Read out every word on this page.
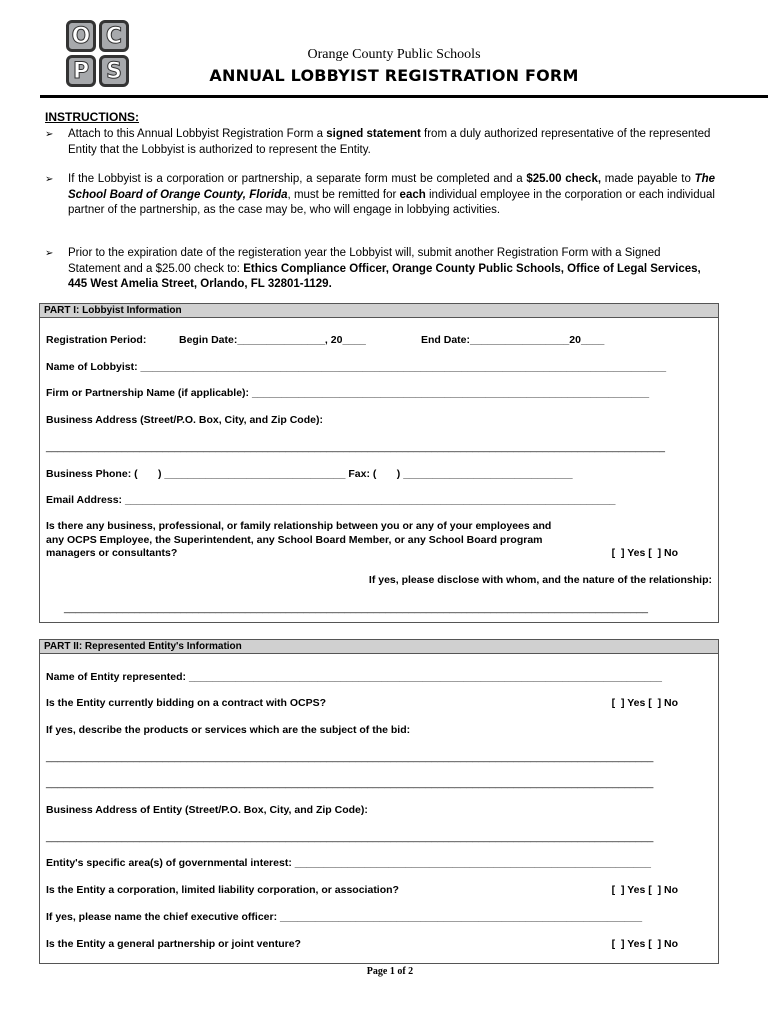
O C
P S
Orange County Public Schools
ANNUAL LOBBYIST REGISTRATION FORM
INSTRUCTIONS:
➢ Attach to this Annual Lobbyist Registration Form a signed statement from a duly authorized representative of the represented Entity that the Lobbyist is authorized to represent the Entity.
➢ If the Lobbyist is a corporation or partnership, a separate form must be completed and a $25.00 check, made payable to The School Board of Orange County, Florida, must be remitted for each individual employee in the corporation or each individual partner of the partnership, as the case may be, who will engage in lobbying activities.
➢ Prior to the expiration date of the registeration year the Lobbyist will, submit another Registration Form with a Signed Statement and a $25.00 check to: Ethics Compliance Officer, Orange County Public Schools, Office of Legal Services, 445 West Amelia Street, Orlando, FL 32801-1129.
PART I: Lobbyist Information
Registration Period:	Begin Date:_______________, 20____	End Date:_________________20____
Name of Lobbyist: __________________________________________________________________________________________
Firm or Partnership Name (if applicable): ____________________________________________________________________
Business Address (Street/P.O. Box, City, and Zip Code):
__________________________________________________________________________________________________________
Business Phone: (       ) _______________________________ Fax: (       ) _____________________________
Email Address: ____________________________________________________________________________________
Is there any business, professional, or family relationship between you or any of your employees and
any OCPS Employee, the Superintendent, any School Board Member, or any School Board program
managers or consultants?	[  ] Yes [  ] No
If yes, please disclose with whom, and the nature of the relationship:
____________________________________________________________________________________________________
PART II: Represented Entity's Information
Name of Entity represented: _________________________________________________________________________________
Is the Entity currently bidding on a contract with OCPS?	[  ] Yes [  ] No
If yes, describe the products or services which are the subject of the bid:
________________________________________________________________________________________________________
________________________________________________________________________________________________________
Business Address of Entity (Street/P.O. Box, City, and Zip Code):
________________________________________________________________________________________________________
Entity's specific area(s) of governmental interest: _____________________________________________________________
Is the Entity a corporation, limited liability corporation, or association?	[  ] Yes [  ] No
If yes, please name the chief executive officer: ______________________________________________________________
Is the Entity a general partnership or joint venture?	[  ] Yes [  ] No
Page 1 of 2
